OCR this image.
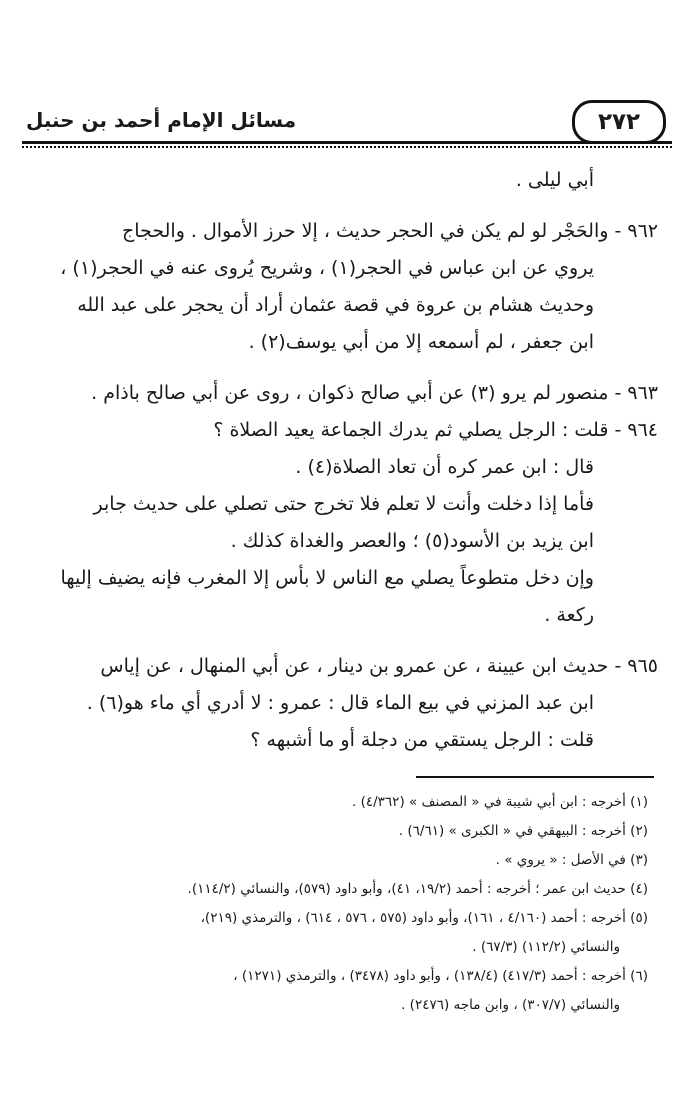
٢٧٢
مسائل الإمام أحمد بن حنبل
أبي ليلى .
٩٦٢ - والحَجْر لو لم يكن في الحجر حديث ، إلا حرز الأموال . والحجاج
يروي عن ابن عباس في الحجر(١) ، وشريح يُروى عنه في الحجر(١) ،
وحديث هشام بن عروة في قصة عثمان أراد أن يحجر على عبد الله
ابن جعفر ، لم أسمعه إلا من أبي يوسف(٢) .
٩٦٣ - منصور لم يرو (٣) عن أبي صالح ذكوان ، روى عن أبي صالح باذام .
٩٦٤ - قلت : الرجل يصلي ثم يدرك الجماعة يعيد الصلاة ؟
قال : ابن عمر كره أن تعاد الصلاة(٤) .
فأما إذا دخلت وأنت لا تعلم فلا تخرج حتى تصلي على حديث جابر
ابن يزيد بن الأسود(٥) ؛ والعصر والغداة كذلك .
وإن دخل متطوعاً يصلي مع الناس لا بأس إلا المغرب فإنه يضيف إليها
ركعة .
٩٦٥ - حديث ابن عيينة ، عن عمرو بن دينار ، عن أبي المنهال ، عن إياس
ابن عبد المزني في بيع الماء قال : عمرو : لا أدري أي ماء هو(٦) .
قلت : الرجل يستقي من دجلة أو ما أشبهه ؟
(١) أخرجه : ابن أبي شيبة في « المصنف » (٤/٣٦٢) .
(٢) أخرجه : البيهقي في « الكبرى » (٦/٦١) .
(٣) في الأصل : « يروي » .
(٤) حديث ابن عمر ؛ أخرجه : أحمد (١٩/٢، ٤١)، وأبو داود (٥٧٩)، والنسائي (١١٤/٢).
(٥) أخرجه : أحمد (٤/١٦٠ ، ١٦١)، وأبو داود (٥٧٥ ، ٥٧٦ ، ٦١٤) ، والترمذي (٢١٩)،
والنسائي (١١٢/٢) (٦٧/٣) .
(٦) أخرجه : أحمد (٤١٧/٣) (١٣٨/٤) ، وأبو داود (٣٤٧٨) ، والترمذي (١٢٧١) ،
والنسائي (٣٠٧/٧) ، وابن ماجه (٢٤٧٦) .
